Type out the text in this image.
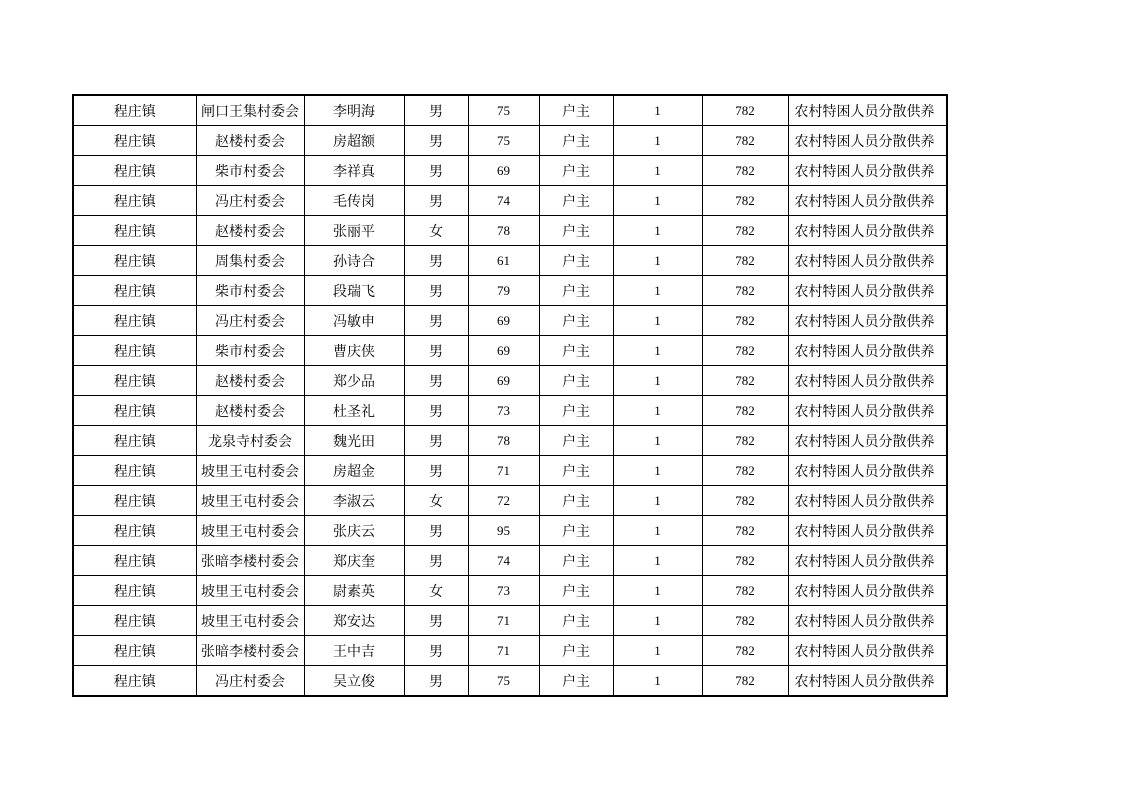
程庄镇	闸口王集村委会	李明海	男	75	户主	1	782	农村特困人员分散供养
程庄镇	赵楼村委会	房超额	男	75	户主	1	782	农村特困人员分散供养
程庄镇	柴市村委会	李祥真	男	69	户主	1	782	农村特困人员分散供养
程庄镇	冯庄村委会	毛传岗	男	74	户主	1	782	农村特困人员分散供养
程庄镇	赵楼村委会	张丽平	女	78	户主	1	782	农村特困人员分散供养
程庄镇	周集村委会	孙诗合	男	61	户主	1	782	农村特困人员分散供养
程庄镇	柴市村委会	段瑞飞	男	79	户主	1	782	农村特困人员分散供养
程庄镇	冯庄村委会	冯敏申	男	69	户主	1	782	农村特困人员分散供养
程庄镇	柴市村委会	曹庆侠	男	69	户主	1	782	农村特困人员分散供养
程庄镇	赵楼村委会	郑少品	男	69	户主	1	782	农村特困人员分散供养
程庄镇	赵楼村委会	杜圣礼	男	73	户主	1	782	农村特困人员分散供养
程庄镇	龙泉寺村委会	魏光田	男	78	户主	1	782	农村特困人员分散供养
程庄镇	坡里王屯村委会	房超金	男	71	户主	1	782	农村特困人员分散供养
程庄镇	坡里王屯村委会	李淑云	女	72	户主	1	782	农村特困人员分散供养
程庄镇	坡里王屯村委会	张庆云	男	95	户主	1	782	农村特困人员分散供养
程庄镇	张暗李楼村委会	郑庆奎	男	74	户主	1	782	农村特困人员分散供养
程庄镇	坡里王屯村委会	尉素英	女	73	户主	1	782	农村特困人员分散供养
程庄镇	坡里王屯村委会	郑安达	男	71	户主	1	782	农村特困人员分散供养
程庄镇	张暗李楼村委会	王中吉	男	71	户主	1	782	农村特困人员分散供养
程庄镇	冯庄村委会	吴立俊	男	75	户主	1	782	农村特困人员分散供养
